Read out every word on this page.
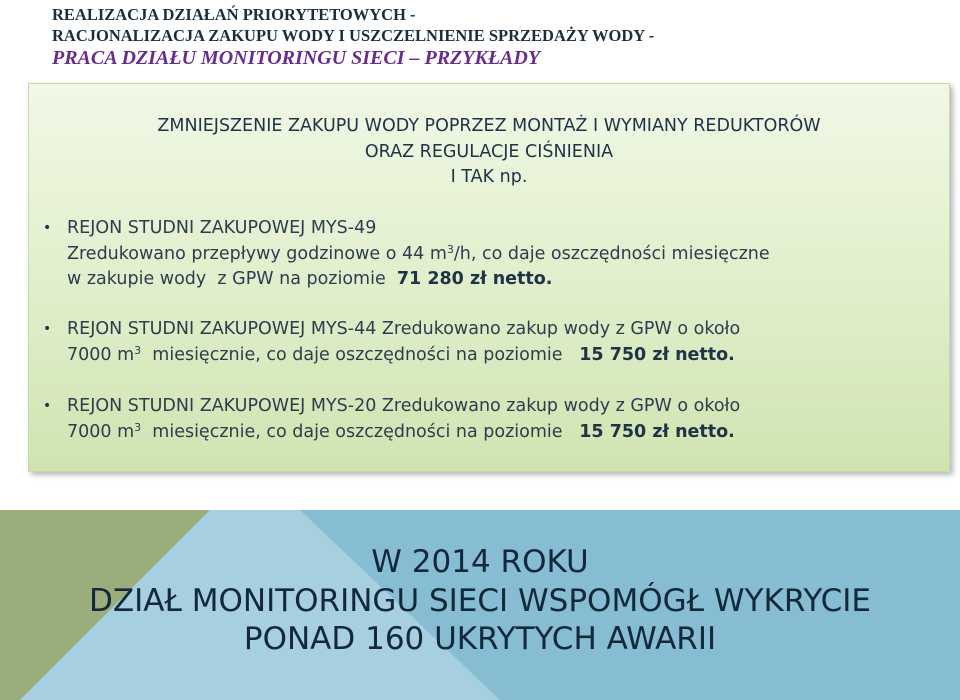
REALIZACJA DZIAŁAŃ PRIORYTETOWYCH -
RACJONALIZACJA ZAKUPU WODY I USZCZELNIENIE SPRZEDAŻY WODY -
PRACA DZIAŁU MONITORINGU SIECI – PRZYKŁADY
ZMNIEJSZENIE ZAKUPU WODY POPRZEZ MONTAŻ I WYMIANY REDUKTORÓW
ORAZ REGULACJE CIŚNIENIA
I TAK np.
• REJON STUDNI ZAKUPOWEJ MYS-49
Zredukowano przepływy godzinowe o 44 $m^3/h$, co daje oszczędności miesięczne
w zakupie wody  z GPW na poziomie  71 280 zł netto.
• REJON STUDNI ZAKUPOWEJ MYS-44 Zredukowano zakup wody z GPW o około
7000 $m^3$  miesięcznie, co daje oszczędności na poziomie   15 750 zł netto.
• REJON STUDNI ZAKUPOWEJ MYS-20 Zredukowano zakup wody z GPW o około
7000 $m^3$  miesięcznie, co daje oszczędności na poziomie   15 750 zł netto.
W 2014 ROKU
DZIAŁ MONITORINGU SIECI WSPOMÓGŁ WYKRYCIE
PONAD 160 UKRYTYCH AWARII
